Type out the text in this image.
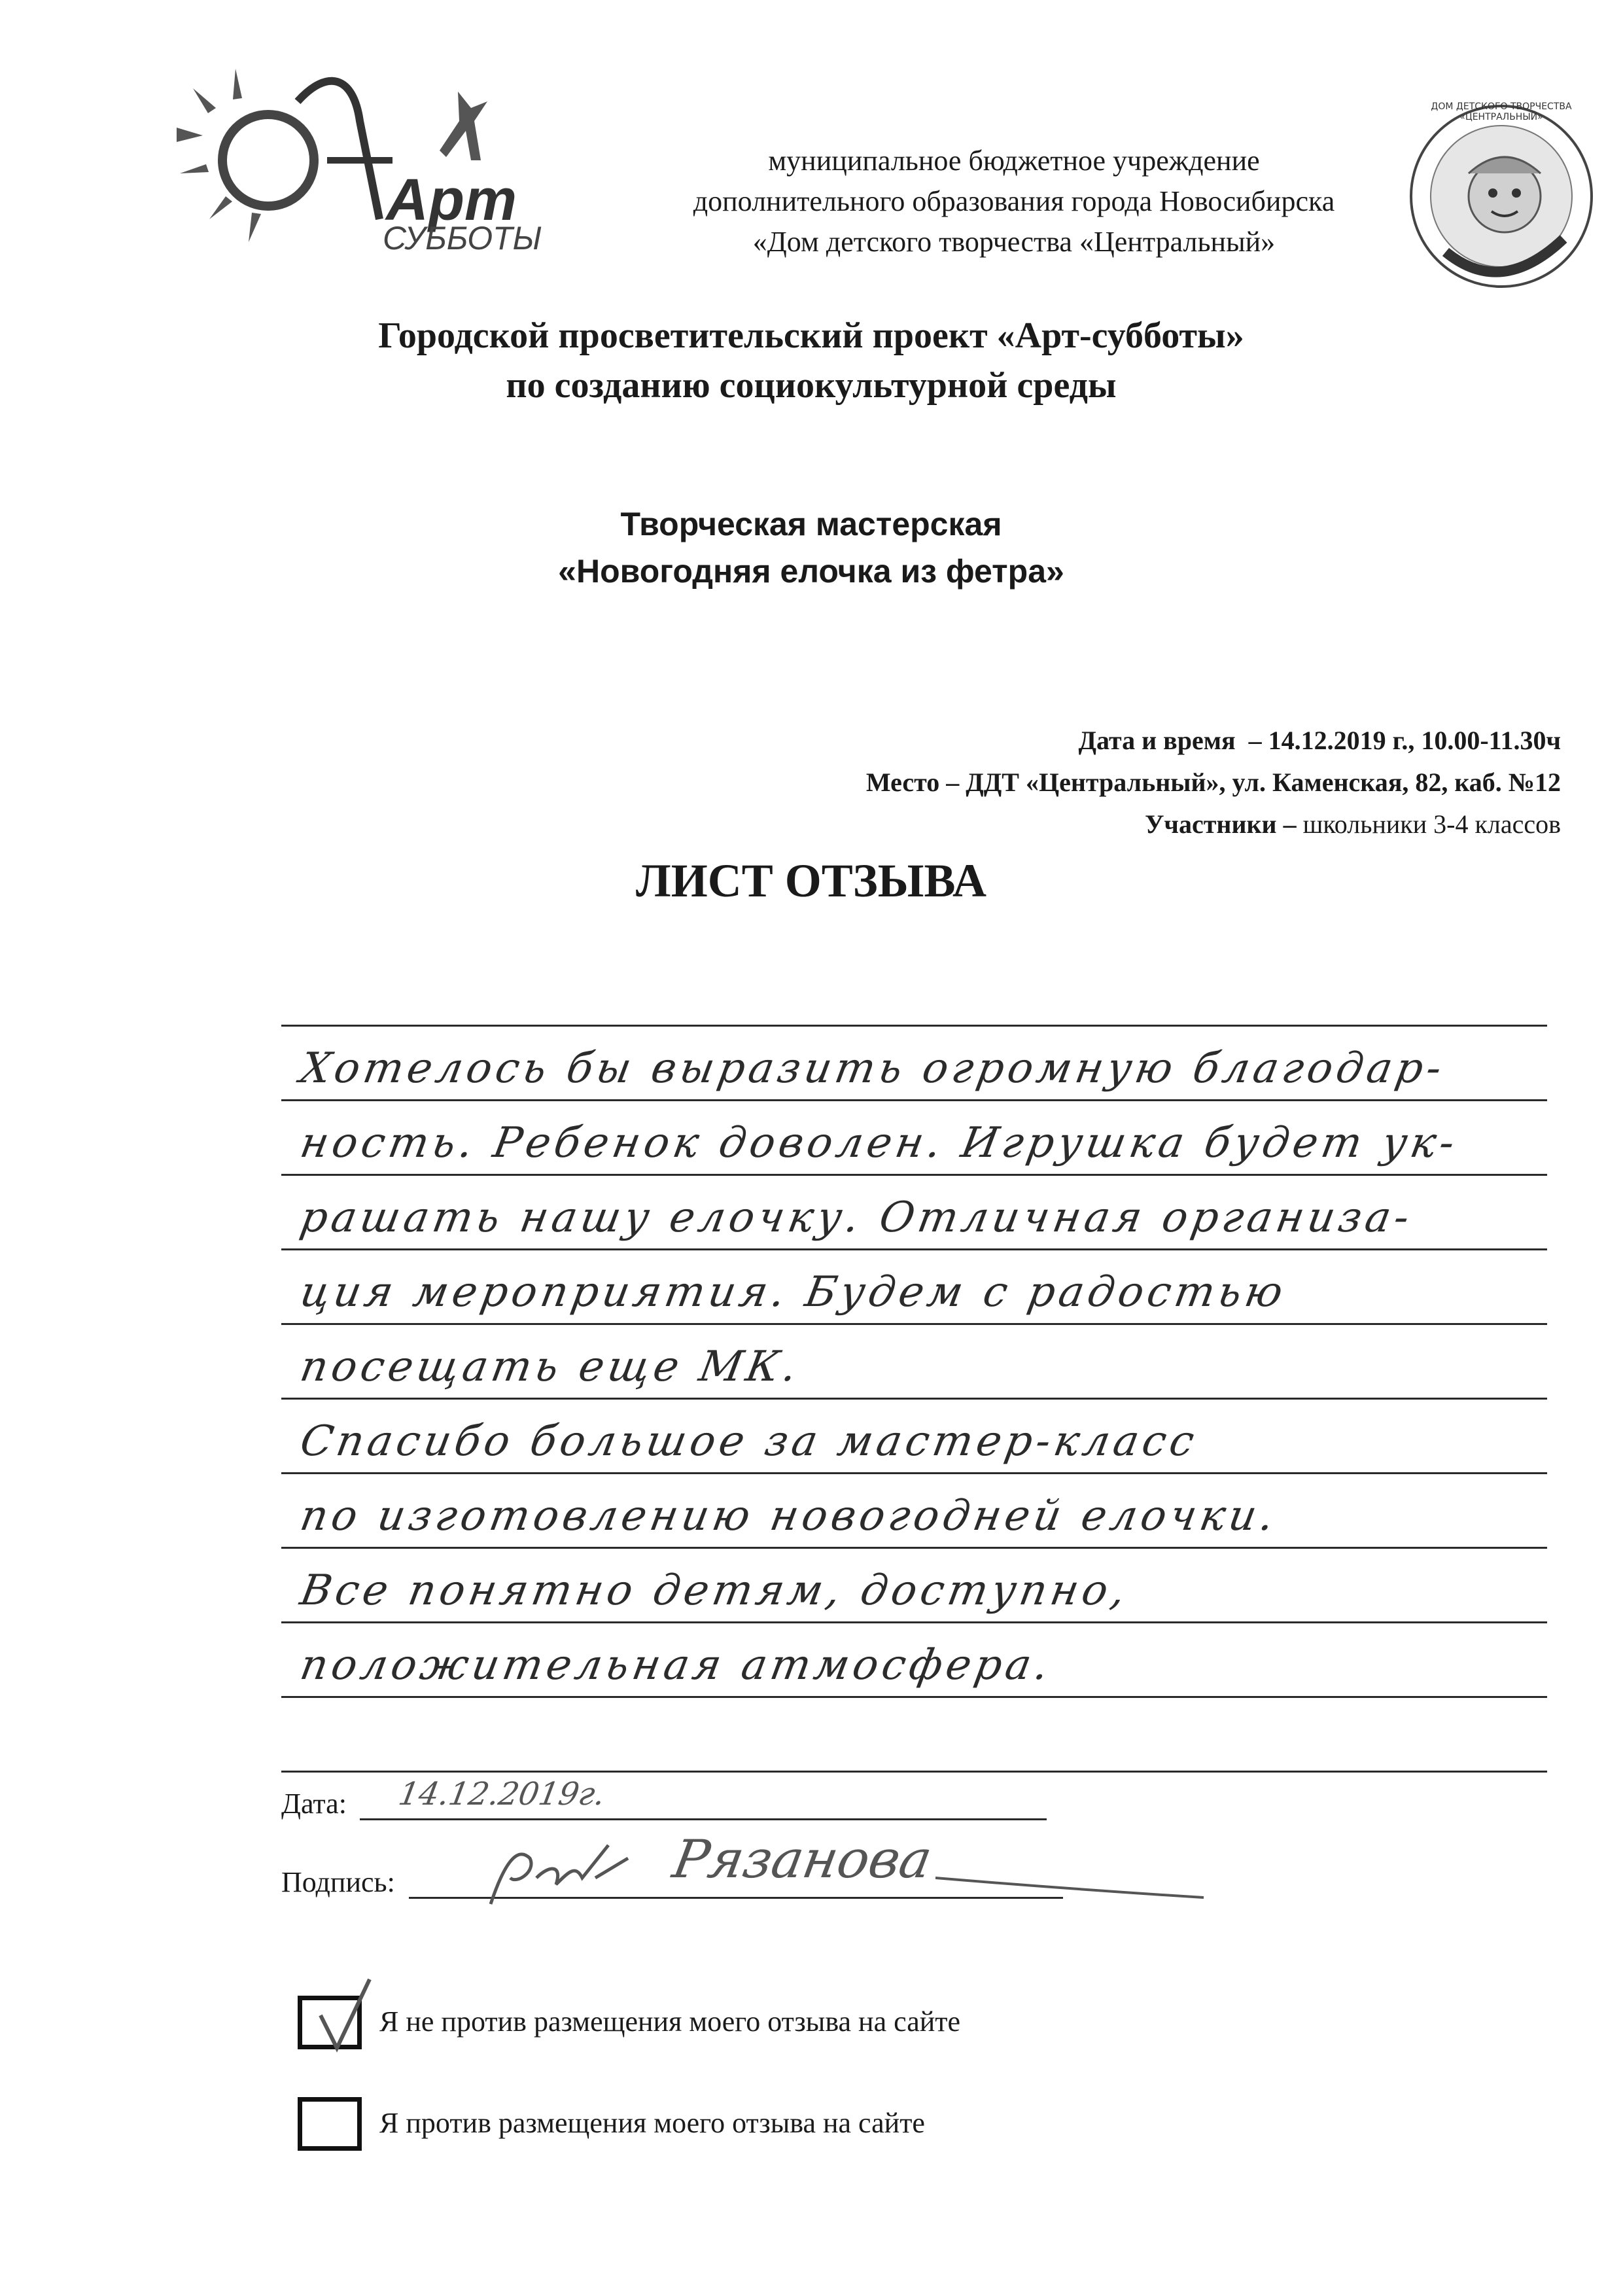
Арт
СУББОТЫ
муниципальное бюджетное учреждение
дополнительного образования города Новосибирска
«Дом детского творчества «Центральный»
ДОМ ДЕТСКОГО ТВОРЧЕСТВА «ЦЕНТРАЛЬНЫЙ»
Городской просветительский проект «Арт-субботы»
по созданию социокультурной среды
Творческая мастерская
«Новогодняя елочка из фетра»
Дата и время – 14.12.2019 г., 10.00-11.30ч
Место – ДДТ «Центральный», ул. Каменская, 82, каб. №12
Участники – школьники 3-4 классов
ЛИСТ ОТЗЫВА
Хотелось бы выразить огромную благодар-
ность. Ребенок доволен. Игрушка будет ук-
рашать нашу елочку. Отличная организа-
ция мероприятия. Будем с радостью
посещать еще МК.
Спасибо большое за мастер-класс
по изготовлению новогодней елочки.
Все понятно детям, доступно,
положительная атмосфера.
Дата: 14.12.2019г.
Подпись:	Рязанова
Я не против размещения моего отзыва на сайте
Я против размещения моего отзыва на сайте
